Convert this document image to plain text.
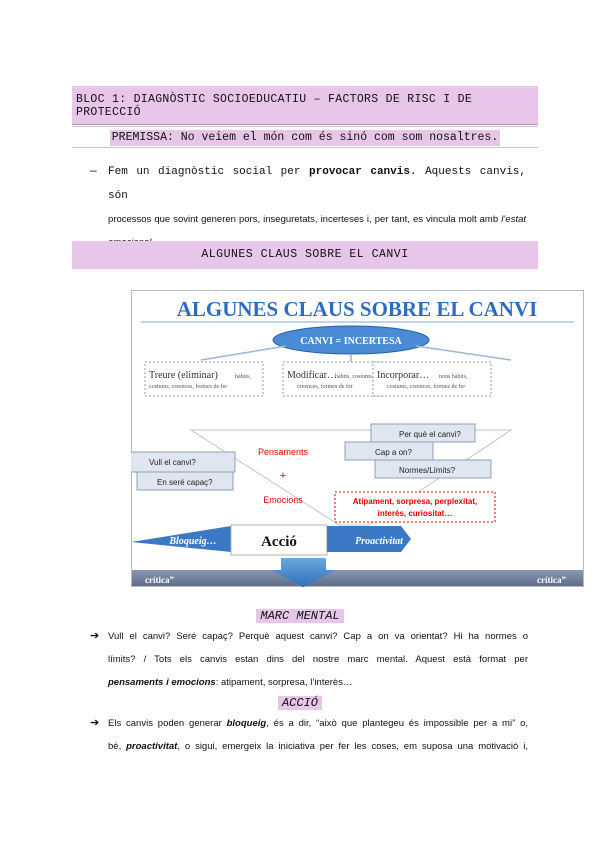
BLOC 1: DIAGNÒSTIC SOCIOEDUCATIU – FACTORS DE RISC I DE PROTECCIÓ
PREMISSA: No veiem el món com és sinó com som nosaltres.
– Fem un diagnòstic social per provocar canvis. Aquests canvis, són
processos que sovint generen pors, inseguretats, incerteses i, per tant, es vincula molt amb l’estat
ALGUNES CLAUS SOBRE EL CANVI
ALGUNES CLAUS SOBRE EL CANVI
CANVI = INCERTESA
Treure (eliminar)	hàbits,
costums, creences, formes de fer
Modificar…
hàbits, costums,
creences, formes de fer
Incorporar… nous hàbits,
costums, creences, formes de fer
Per què el canvi?
Cap a on?
Normes/Límits?
Vull el canvi?
En seré capaç?
Pensaments
+
Emocions	Atipament, sorpresa, perplexitat,
interès, curiositat…
Bloqueig…	Acció	Proactivitat
crítica”	crítica”
MARC MENTAL
➔ Vull el canvi? Seré capaç? Perquè aquest canvi? Cap a on va orientat? Hi ha normes o
límits? / Tots els canvis estan dins del nostre marc mental. Aquest està format per
pensaments i emocions: atipament, sorpresa, l’interès…
ACCIÓ
➔ Els canvis poden generar bloqueig, és a dir, “això que plantegeu és impossible per a mi” o,
bé, proactivitat, o sigui, emergeix la iniciativa per fer les coses, em suposa una motivació i,
